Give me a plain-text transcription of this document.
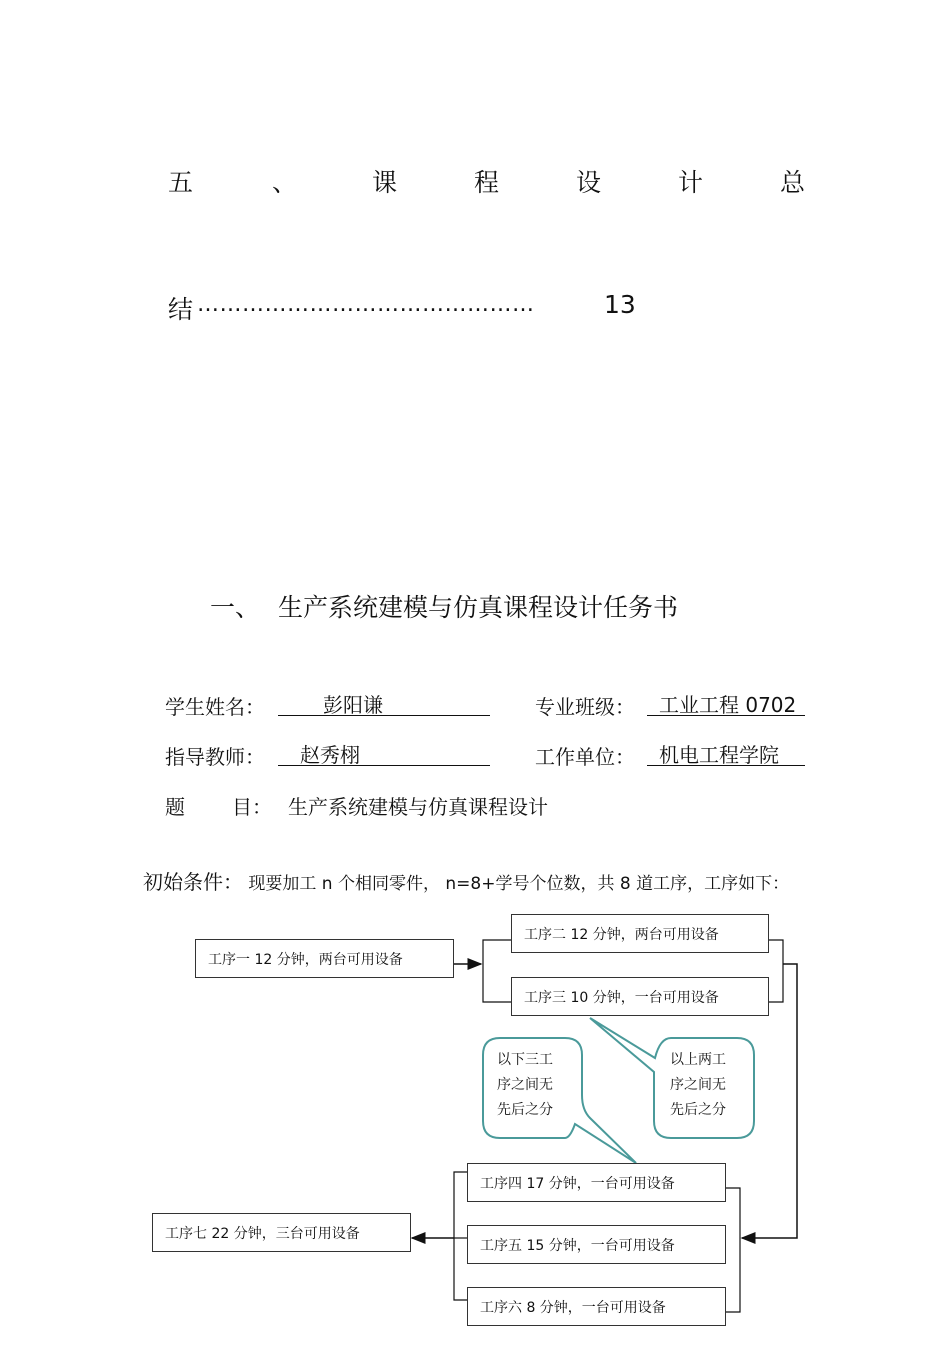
五	、	课	程	设	计	总
结 ………………………………………	13
一、 生产系统建模与仿真课程设计任务书
学生姓名：	彭阳谦	专业班级： 工业工程 0702
指导教师： 赵秀栩	工作单位： 机电工程学院
题 目： 生产系统建模与仿真课程设计
初始条件： 现要加工 n 个相同零件， n=8+学号个位数，共 8 道工序，工序如下：
工序一 12 分钟，两台可用设备
工序二 12 分钟，两台可用设备
工序三 10 分钟，一台可用设备
工序四 17 分钟，一台可用设备
工序五 15 分钟，一台可用设备
工序六 8 分钟，一台可用设备
工序七 22 分钟，三台可用设备
以下三工
序之间无
先后之分
以上两工
序之间无
先后之分
